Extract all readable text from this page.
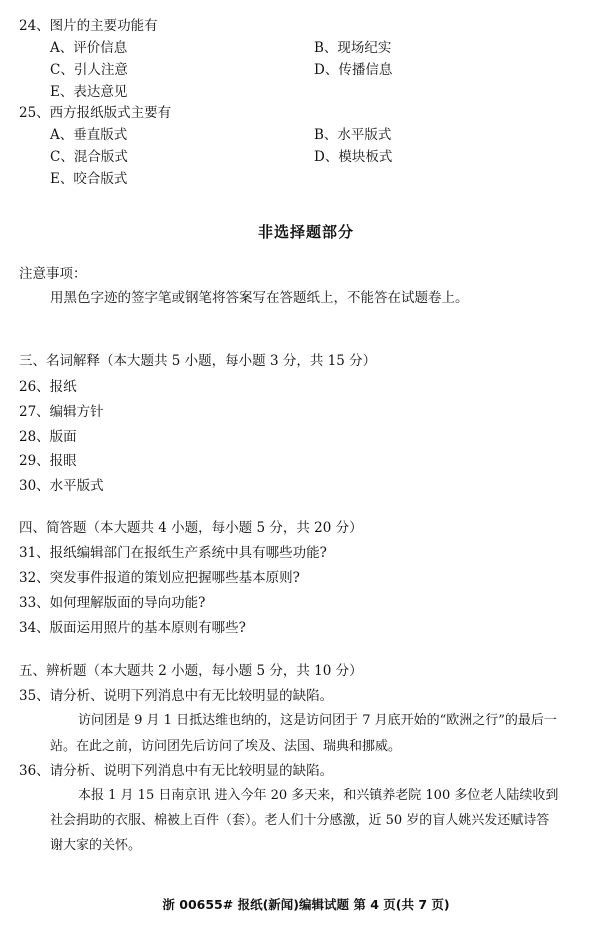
24、图片的主要功能有
A、评价信息	B、现场纪实
C、引人注意	D、传播信息
E、表达意见
25、西方报纸版式主要有
A、垂直版式	B、水平版式
C、混合版式	D、模块板式
E、咬合版式
非选择题部分
注意事项：
用黑色字迹的签字笔或钢笔将答案写在答题纸上，不能答在试题卷上。
三、名词解释（本大题共 5 小题，每小题 3 分，共 15 分）
26、报纸
27、编辑方针
28、版面
29、报眼
30、水平版式
四、简答题（本大题共 4 小题，每小题 5 分，共 20 分）
31、报纸编辑部门在报纸生产系统中具有哪些功能?
32、突发事件报道的策划应把握哪些基本原则?
33、如何理解版面的导向功能?
34、版面运用照片的基本原则有哪些?
五、辨析题（本大题共 2 小题，每小题 5 分，共 10 分）
35、请分析、说明下列消息中有无比较明显的缺陷。
访问团是 9 月 1 日抵达维也纳的，这是访问团于 7 月底开始的“欧洲之行”的最后一
站。在此之前，访问团先后访问了埃及、法国、瑞典和挪威。
36、请分析、说明下列消息中有无比较明显的缺陷。
本报 1 月 15 日南京讯 进入今年 20 多天来，和兴镇养老院 100 多位老人陆续收到
社会捐助的衣服、棉被上百件（套）。老人们十分感激，近 50 岁的盲人姚兴发还赋诗答
谢大家的关怀。
浙 00655# 报纸(新闻)编辑试题 第 4 页(共 7 页)
